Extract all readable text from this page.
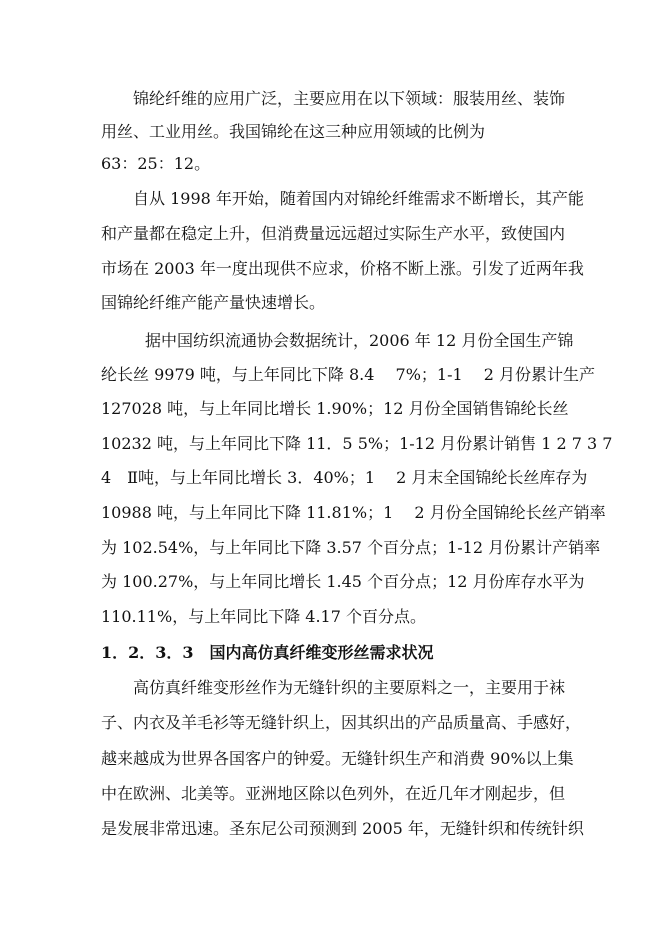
锦纶纤维的应用广泛，主要应用在以下领域：服装用丝、装饰
用丝、工业用丝。我国锦纶在这三种应用领域的比例为
63：25：12。
自从 1998 年开始，随着国内对锦纶纤维需求不断增长，其产能
和产量都在稳定上升，但消费量远远超过实际生产水平，致使国内
市场在 2003 年一度出现供不应求，价格不断上涨。引发了近两年我
国锦纶纤维产能产量快速增长。
据中国纺织流通协会数据统计，2006 年 12 月份全国生产锦
纶长丝 9979 吨，与上年同比下降 8.4　 7%；1-1　 2 月份累计生产
127028 吨，与上年同比增长 1.90%；12 月份全国销售锦纶长丝
10232 吨，与上年同比下降 11．5 5%；1-12 月份累计销售 1 2 7 3 7
4　Ⅱ吨，与上年同比增长 3．40%；1　 2 月末全国锦纶长丝库存为
10988 吨，与上年同比下降 11.81%；1　 2 月份全国锦纶长丝产销率
为 102.54%，与上年同比下降 3.57 个百分点；1-12 月份累计产销率
为 100.27%，与上年同比增长 1.45 个百分点；12 月份库存水平为
110.11%，与上年同比下降 4.17 个百分点。
1．2．3．3　国内高仿真纤维变形丝需求状况
高仿真纤维变形丝作为无缝针织的主要原料之一，主要用于袜
子、内衣及羊毛衫等无缝针织上，因其织出的产品质量高、手感好，
越来越成为世界各国客户的钟爱。无缝针织生产和消费 90%以上集
中在欧洲、北美等。亚洲地区除以色列外，在近几年才刚起步，但
是发展非常迅速。圣东尼公司预测到 2005 年，无缝针织和传统针织
